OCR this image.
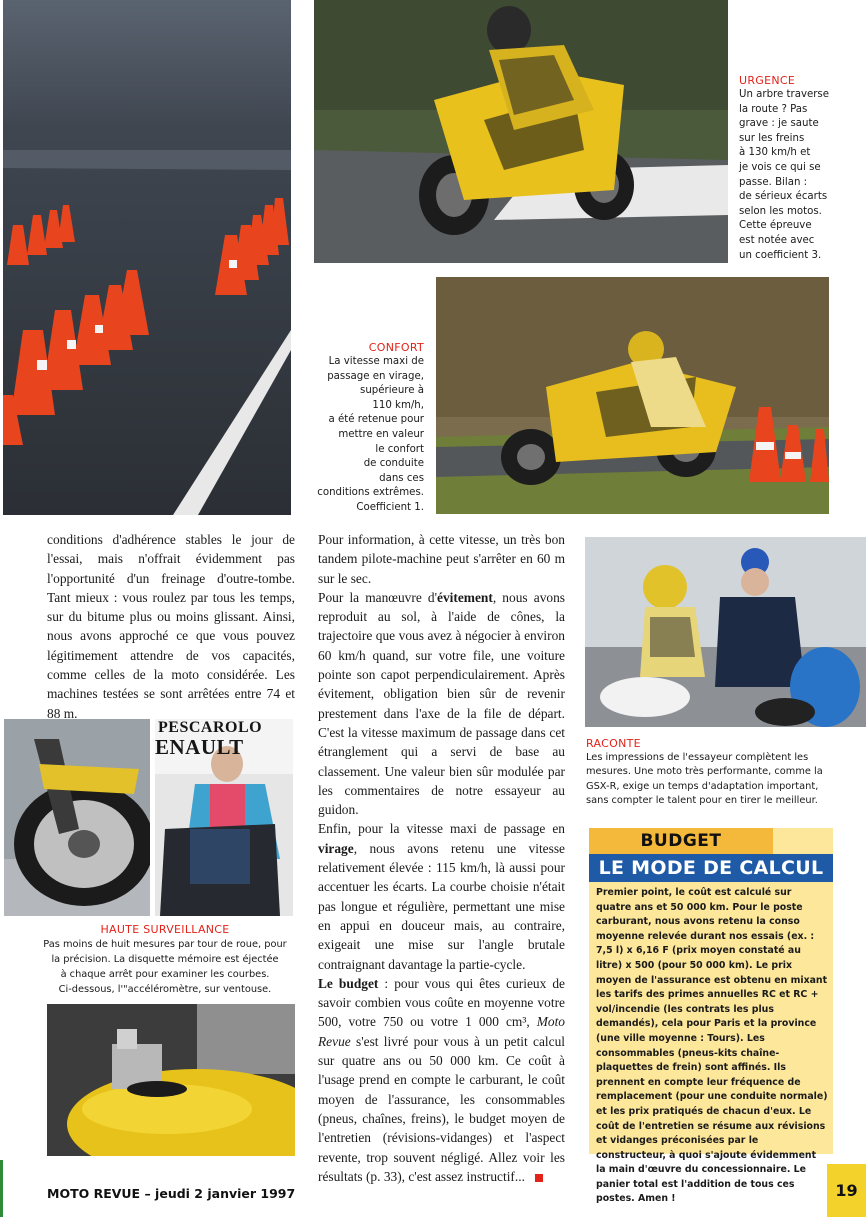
PESCAROLO
ENAULT
URGENCE

Un arbre traverse

la route ? Pas

grave : je saute

sur les freins

à 130 km/h et

je vois ce qui se

passe. Bilan :

de sérieux écarts

selon les motos.

Cette épreuve

est notée avec

un coefficient 3.

CONFORT

La vitesse maxi de

passage en virage,

supérieure à

110 km/h,

a été retenue pour

mettre en valeur

le confort

de conduite

dans ces

conditions extrêmes.

Coefficient 1.

RACONTE

Les impressions de l'essayeur complètent les

mesures. Une moto très performante, comme la

GSX-R, exige un temps d'adaptation important,

sans compter le talent pour en tirer le meilleur.

HAUTE SURVEILLANCE

Pas moins de huit mesures par tour de roue, pour

la précision. La disquette mémoire est éjectée

à chaque arrêt pour examiner les courbes.

Ci-dessous, l'"accéléromètre, sur ventouse.

conditions d'adhérence stables le jour de l'essai, mais n'offrait évidemment pas l'opportunité d'un freinage d'outre-tombe. Tant mieux : vous roulez par tous les temps, sur du bitume plus ou moins glissant. Ainsi, nous avons approché ce que vous pouvez légitimement attendre de vos capacités, comme celles de la moto considérée. Les machines testées se sont arrêtées entre 74 et 88 m.

Pour information, à cette vitesse, un très bon tandem pilote-machine peut s'arrêter en 60 m sur le sec.

Pour la manœuvre d'évitement, nous avons reproduit au sol, à l'aide de cônes, la trajectoire que vous avez à négocier à environ 60 km/h quand, sur votre file, une voiture pointe son capot perpendiculairement. Après évitement, obligation bien sûr de revenir prestement dans l'axe de la file de départ. C'est la vitesse maximum de passage dans cet étranglement qui a servi de base au classement. Une valeur bien sûr modulée par les commentaires de notre essayeur au guidon.

Enfin, pour la vitesse maxi de passage en virage, nous avons retenu une vitesse relativement élevée : 115 km/h, là aussi pour accentuer les écarts. La courbe choisie n'était pas longue et régulière, permettant une mise en appui en douceur mais, au contraire, exigeait une mise sur l'angle brutale contraignant davantage la partie-cycle.

Le budget : pour vous qui êtes curieux de savoir combien vous coûte en moyenne votre 500, votre 750 ou votre 1 000 cm³, Moto Revue s'est livré pour vous à un petit calcul sur quatre ans ou 50 000 km. Ce coût à l'usage prend en compte le carburant, le coût moyen de l'assurance, les consommables (pneus, chaînes, freins), le budget moyen de l'entretien (révisions-vidanges) et l'aspect revente, trop souvent négligé. Allez voir les résultats (p. 33), c'est assez instructif...

BUDGET
LE MODE DE CALCUL
Premier point, le coût est calculé sur quatre ans et 50 000 km. Pour le poste carburant, nous avons retenu la conso moyenne relevée durant nos essais (ex. : 7,5 l) x 6,16 F (prix moyen constaté au litre) x 500 (pour 50 000 km). Le prix moyen de l'assurance est obtenu en mixant les tarifs des primes annuelles RC et RC + vol/incendie (les contrats les plus demandés), cela pour Paris et la province (une ville moyenne : Tours). Les consommables (pneus-kits chaîne-plaquettes de frein) sont affinés. Ils prennent en compte leur fréquence de remplacement (pour une conduite normale) et les prix pratiqués de chacun d'eux. Le coût de l'entretien se résume aux révisions et vidanges préconisées par le constructeur, à quoi s'ajoute évidemment la main d'œuvre du concessionnaire. Le panier total est l'addition de tous ces postes. Amen !
MOTO REVUE – jeudi 2 janvier 1997	19
